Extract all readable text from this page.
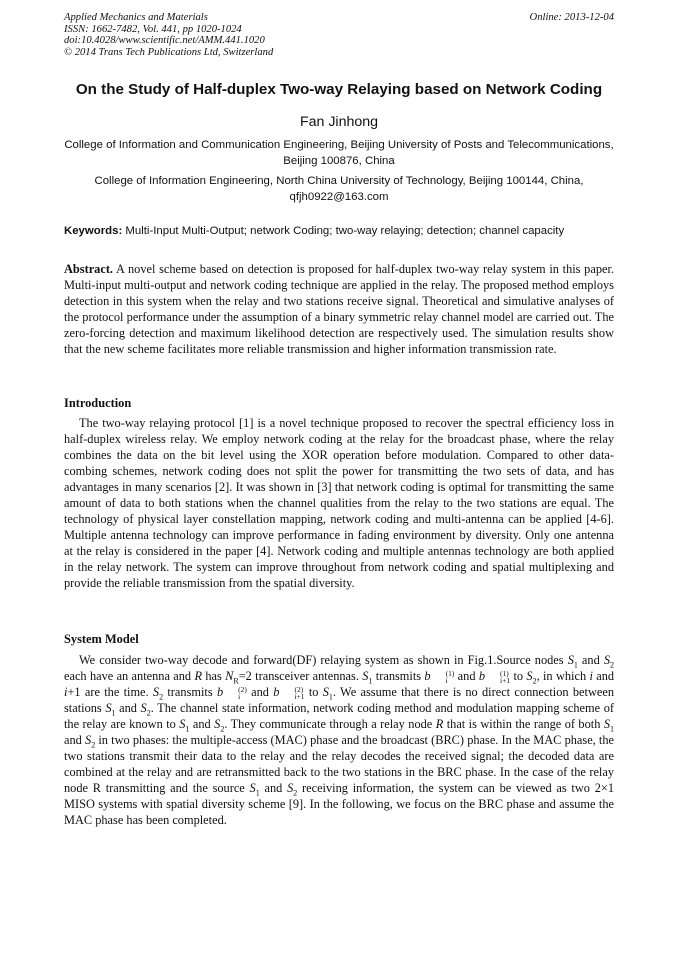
Applied Mechanics and Materials
ISSN: 1662-7482, Vol. 441, pp 1020-1024
doi:10.4028/www.scientific.net/AMM.441.1020
© 2014 Trans Tech Publications Ltd, Switzerland
Online: 2013-12-04
On the Study of Half-duplex Two-way Relaying based on Network Coding
Fan Jinhong
College of Information and Communication Engineering, Beijing University of Posts and Telecommunications, Beijing 100876, China
College of Information Engineering, North China University of Technology, Beijing 100144, China, qfjh0922@163.com
Keywords: Multi-Input Multi-Output; network Coding; two-way relaying; detection; channel capacity
Abstract. A novel scheme based on detection is proposed for half-duplex two-way relay system in this paper. Multi-input multi-output and network coding technique are applied in the relay. The proposed method employs detection in this system when the relay and two stations receive signal. Theoretical and simulative analyses of the protocol performance under the assumption of a binary symmetric relay channel model are carried out. The zero-forcing detection and maximum likelihood detection are respectively used. The simulation results show that the new scheme facilitates more reliable transmission and higher information transmission rate.
Introduction
The two-way relaying protocol [1] is a novel technique proposed to recover the spectral efficiency loss in half-duplex wireless relay. We employ network coding at the relay for the broadcast phase, where the relay combines the data on the bit level using the XOR operation before modulation. Compared to other data-combing schemes, network coding does not split the power for transmitting the two sets of data, and has advantages in many scenarios [2]. It was shown in [3] that network coding is optimal for transmitting the same amount of data to both stations when the channel qualities from the relay to the two stations are equal. The technology of physical layer constellation mapping, network coding and multi-antenna can be applied [4-6]. Multiple antenna technology can improve performance in fading environment by diversity. Only one antenna at the relay is considered in the paper [4]. Network coding and multiple antennas technology are both applied in the relay network. The system can improve throughout from network coding and spatial multiplexing and provide the reliable transmission from the spatial diversity.
System Model
We consider two-way decode and forward(DF) relaying system as shown in Fig.1.Source nodes $S_1$ and $S_2$ each have an antenna and R has $N_R=2$ transceiver antennas. $S_1$ transmits b	(1)
i and b	(1)
i+1 to $S_2$, in which i and i+1 are the time. $S_2$ transmits b	(2)
i and b	(2)
i+1 to $S_1$. We assume that there is no direct connection between stations $S_1$ and $S_2$. The channel state information, network coding method and modulation mapping scheme of the relay are known to $S_1$ and $S_2$. They communicate through a relay node R that is within the range of both $S_1$ and $S_2$ in two phases: the multiple-access (MAC) phase and the broadcast (BRC) phase. In the MAC phase, the two stations transmit their data to the relay and the relay decodes the received signal; the decoded data are combined at the relay and are retransmitted back to the two stations in the BRC phase. In the case of the relay node R transmitting and the source $S_1$ and $S_2$ receiving information, the system can be viewed as two 2×1 MISO systems with spatial diversity scheme [9]. In the following, we focus on the BRC phase and assume the MAC phase has been completed.
